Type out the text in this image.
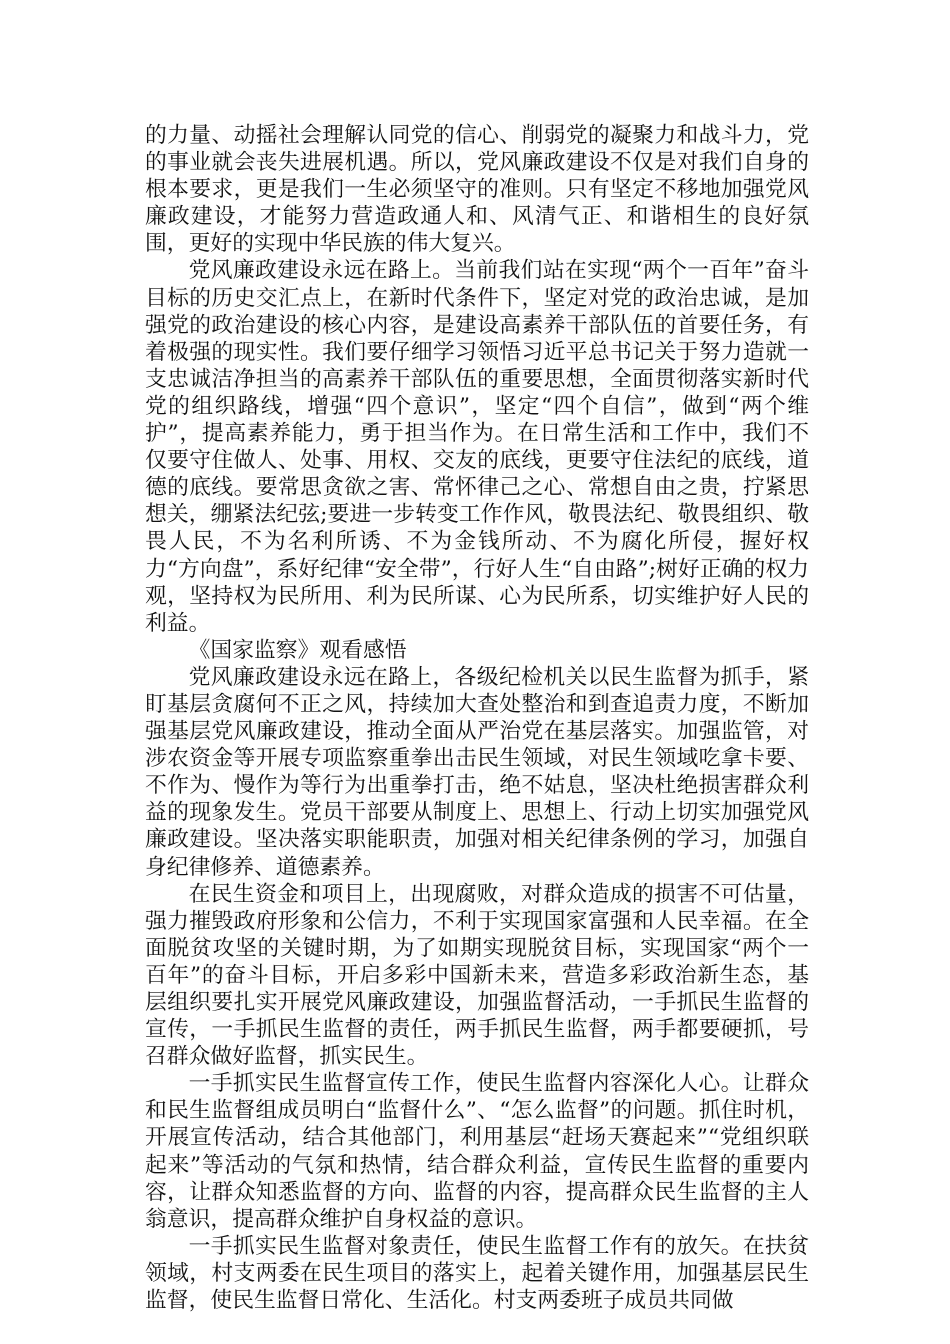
的力量、动摇社会理解认同党的信心、削弱党的凝聚力和战斗力，党的事业就会丧失进展机遇。所以，党风廉政建设不仅是对我们自身的根本要求，更是我们一生必须坚守的准则。只有坚定不移地加强党风廉政建设，才能努力营造政通人和、风清气正、和谐相生的良好氛围，更好的实现中华民族的伟大复兴。

党风廉政建设永远在路上。当前我们站在实现“两个一百年”奋斗目标的历史交汇点上，在新时代条件下，坚定对党的政治忠诚，是加强党的政治建设的核心内容，是建设高素养干部队伍的首要任务，有着极强的现实性。我们要仔细学习领悟习近平总书记关于努力造就一支忠诚洁净担当的高素养干部队伍的重要思想，全面贯彻落实新时代党的组织路线，增强“四个意识”，坚定“四个自信”，做到“两个维护”，提高素养能力，勇于担当作为。在日常生活和工作中，我们不仅要守住做人、处事、用权、交友的底线，更要守住法纪的底线，道德的底线。要常思贪欲之害、常怀律己之心、常想自由之贵，拧紧思想关，绷紧法纪弦;要进一步转变工作作风，敬畏法纪、敬畏组织、敬畏人民，不为名利所诱、不为金钱所动、不为腐化所侵，握好权力“方向盘”，系好纪律“安全带”，行好人生“自由路”;树好正确的权力观，坚持权为民所用、利为民所谋、心为民所系，切实维护好人民的利益。

《国家监察》观看感悟

党风廉政建设永远在路上，各级纪检机关以民生监督为抓手，紧盯基层贪腐何不正之风，持续加大查处整治和到查追责力度，不断加强基层党风廉政建设，推动全面从严治党在基层落实。加强监管，对涉农资金等开展专项监察重拳出击民生领域，对民生领域吃拿卡要、不作为、慢作为等行为出重拳打击，绝不姑息，坚决杜绝损害群众利益的现象发生。党员干部要从制度上、思想上、行动上切实加强党风廉政建设。坚决落实职能职责，加强对相关纪律条例的学习，加强自身纪律修养、道德素养。

在民生资金和项目上，出现腐败，对群众造成的损害不可估量，强力摧毁政府形象和公信力，不利于实现国家富强和人民幸福。在全面脱贫攻坚的关键时期，为了如期实现脱贫目标，实现国家“两个一百年”的奋斗目标，开启多彩中国新未来，营造多彩政治新生态，基层组织要扎实开展党风廉政建设，加强监督活动，一手抓民生监督的宣传，一手抓民生监督的责任，两手抓民生监督，两手都要硬抓，号召群众做好监督，抓实民生。

一手抓实民生监督宣传工作，使民生监督内容深化人心。让群众和民生监督组成员明白“监督什么”、“怎么监督”的问题。抓住时机，开展宣传活动，结合其他部门，利用基层“赶场天赛起来”“党组织联起来”等活动的气氛和热情，结合群众利益，宣传民生监督的重要内容，让群众知悉监督的方向、监督的内容，提高群众民生监督的主人翁意识，提高群众维护自身权益的意识。

一手抓实民生监督对象责任，使民生监督工作有的放矢。在扶贫领域，村支两委在民生项目的落实上，起着关键作用，加强基层民生监督，使民生监督日常化、生活化。村支两委班子成员共同做
